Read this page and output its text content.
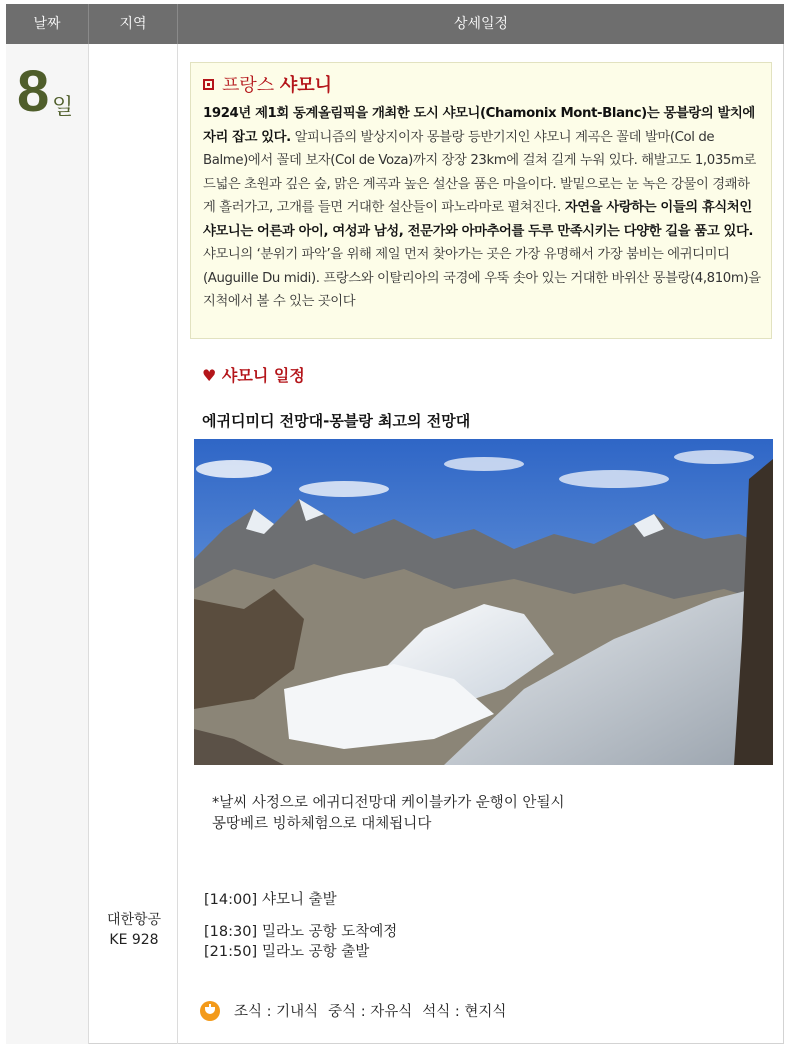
날짜	지역	상세일정
8 일
대한항공
KE 928
프랑스 샤모니
1924년 제1회 동계올림픽을 개최한 도시 샤모니(Chamonix Mont-Blanc)는 몽블랑의 발치에 자리 잡고 있다. 알피니즘의 발상지이자 몽블랑 등반기지인 샤모니 계곡은 꼴데 발마(Col de Balme)에서 꼴데 보자(Col de Voza)까지 장장 23km에 걸쳐 길게 누워 있다. 해발고도 1,035m로 드넓은 초원과 깊은 숲, 맑은 계곡과 높은 설산을 품은 마을이다. 발밑으로는 눈 녹은 강물이 경쾌하게 흘러가고, 고개를 들면 거대한 설산들이 파노라마로 펼쳐진다. 자연을 사랑하는 이들의 휴식처인 샤모니는 어른과 아이, 여성과 남성, 전문가와 아마추어를 두루 만족시키는 다양한 길을 품고 있다.
샤모니의 ‘분위기 파악’을 위해 제일 먼저 찾아가는 곳은 가장 유명해서 가장 붐비는 에귀디미디(Auguille Du midi). 프랑스와 이탈리아의 국경에 우뚝 솟아 있는 거대한 바위산 몽블랑(4,810m)을 지척에서 볼 수 있는 곳이다
♥ 샤모니 일정
에귀디미디 전망대-몽블랑 최고의 전망대
*날씨 사정으로 에귀디전망대 케이블카가 운행이 안될시
몽땅베르 빙하체험으로 대체됩니다
[14:00] 샤모니 출발
[18:30] 밀라노 공항 도착예정
[21:50] 밀라노 공항 출발
조식 : 기내식 중식 : 자유식 석식 : 현지식
